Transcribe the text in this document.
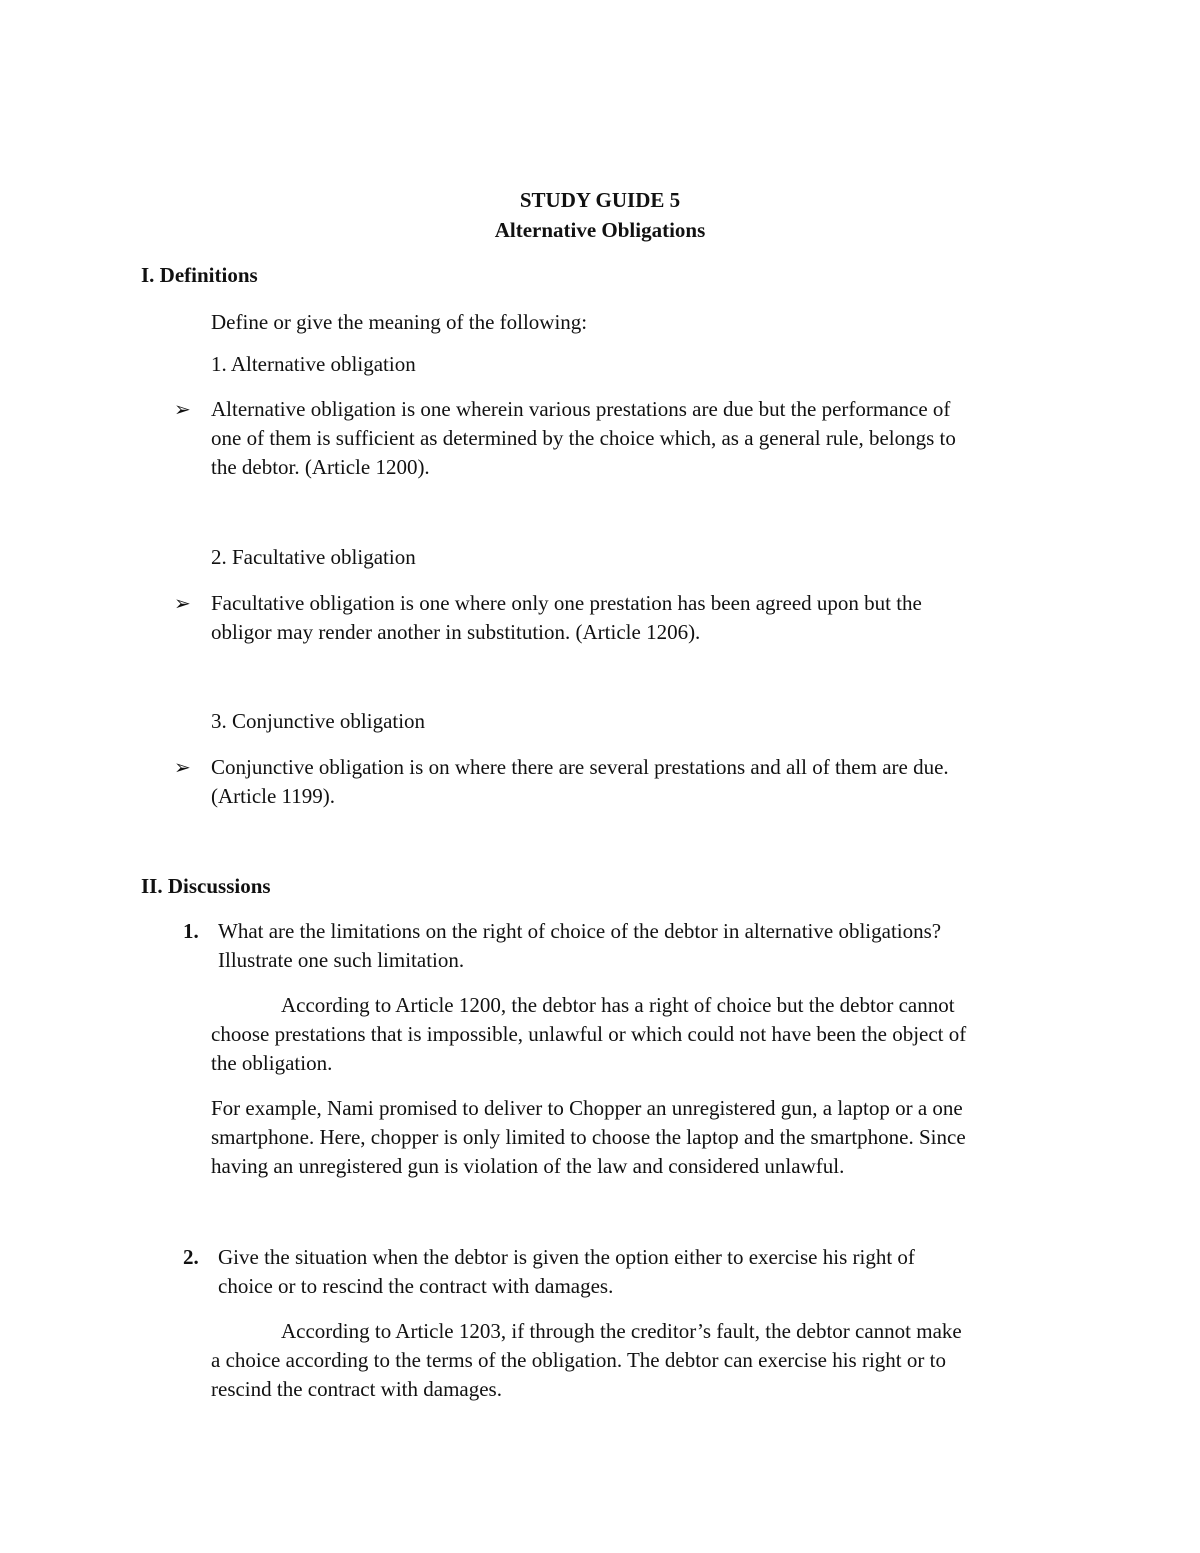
STUDY GUIDE 5
Alternative Obligations
I. Definitions
Define or give the meaning of the following:
1. Alternative obligation
➢ Alternative obligation is one wherein various prestations are due but the performance of
one of them is sufficient as determined by the choice which, as a general rule, belongs to
the debtor. (Article 1200).
2. Facultative obligation
➢ Facultative obligation is one where only one prestation has been agreed upon but the
obligor may render another in substitution. (Article 1206).
3. Conjunctive obligation
➢ Conjunctive obligation is on where there are several prestations and all of them are due.
(Article 1199).
II. Discussions
1. What are the limitations on the right of choice of the debtor in alternative obligations?
Illustrate one such limitation.
According to Article 1200, the debtor has a right of choice but the debtor cannot
choose prestations that is impossible, unlawful or which could not have been the object of
the obligation.
For example, Nami promised to deliver to Chopper an unregistered gun, a laptop or a one
smartphone. Here, chopper is only limited to choose the laptop and the smartphone. Since
having an unregistered gun is violation of the law and considered unlawful.
2. Give the situation when the debtor is given the option either to exercise his right of
choice or to rescind the contract with damages.
According to Article 1203, if through the creditor’s fault, the debtor cannot make
a choice according to the terms of the obligation. The debtor can exercise his right or to
rescind the contract with damages.
